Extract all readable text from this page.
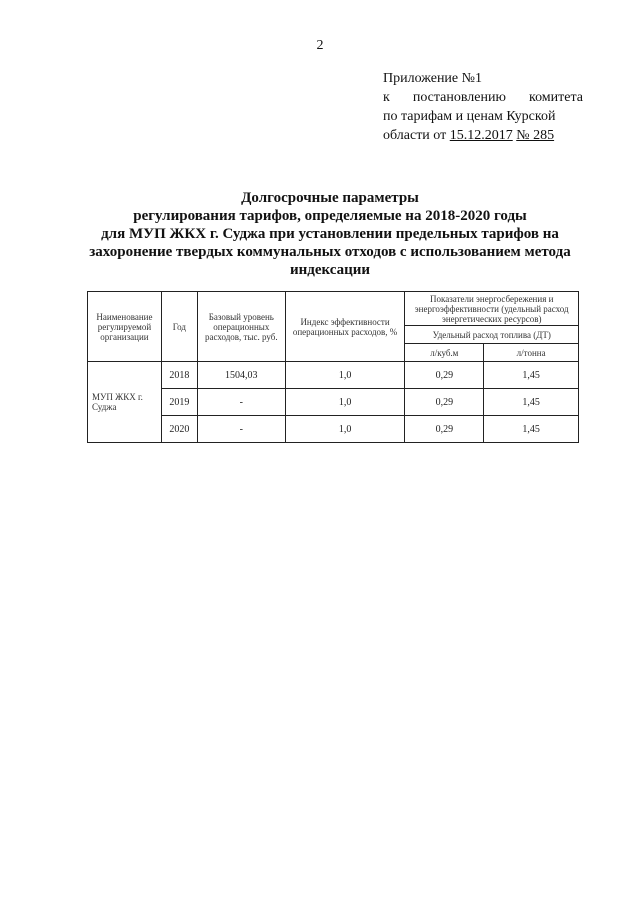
2
Приложение №1
к постановлению комитета
по тарифам и ценам Курской
области от 15.12.2017 № 285
Долгосрочные параметры
регулирования тарифов, определяемые на 2018-2020 годы
для МУП ЖКХ г. Суджа при установлении предельных тарифов на
захоронение твердых коммунальных отходов с использованием метода
индексации
Наименование регулируемой организации	Год	Базовый уровень операционных расходов, тыс. руб.	Индекс эффективности операционных расходов, %	Показатели энергосбережения и энергоэффективности (удельный расход энергетических ресурсов)	
				Удельный расход топлива (ДТ)	
				л/куб.м	л/тонна
МУП ЖКХ г. Суджа	2018	1504,03	1,0	0,29	1,45
	2019	-	1,0	0,29	1,45
	2020	-	1,0	0,29	1,45
